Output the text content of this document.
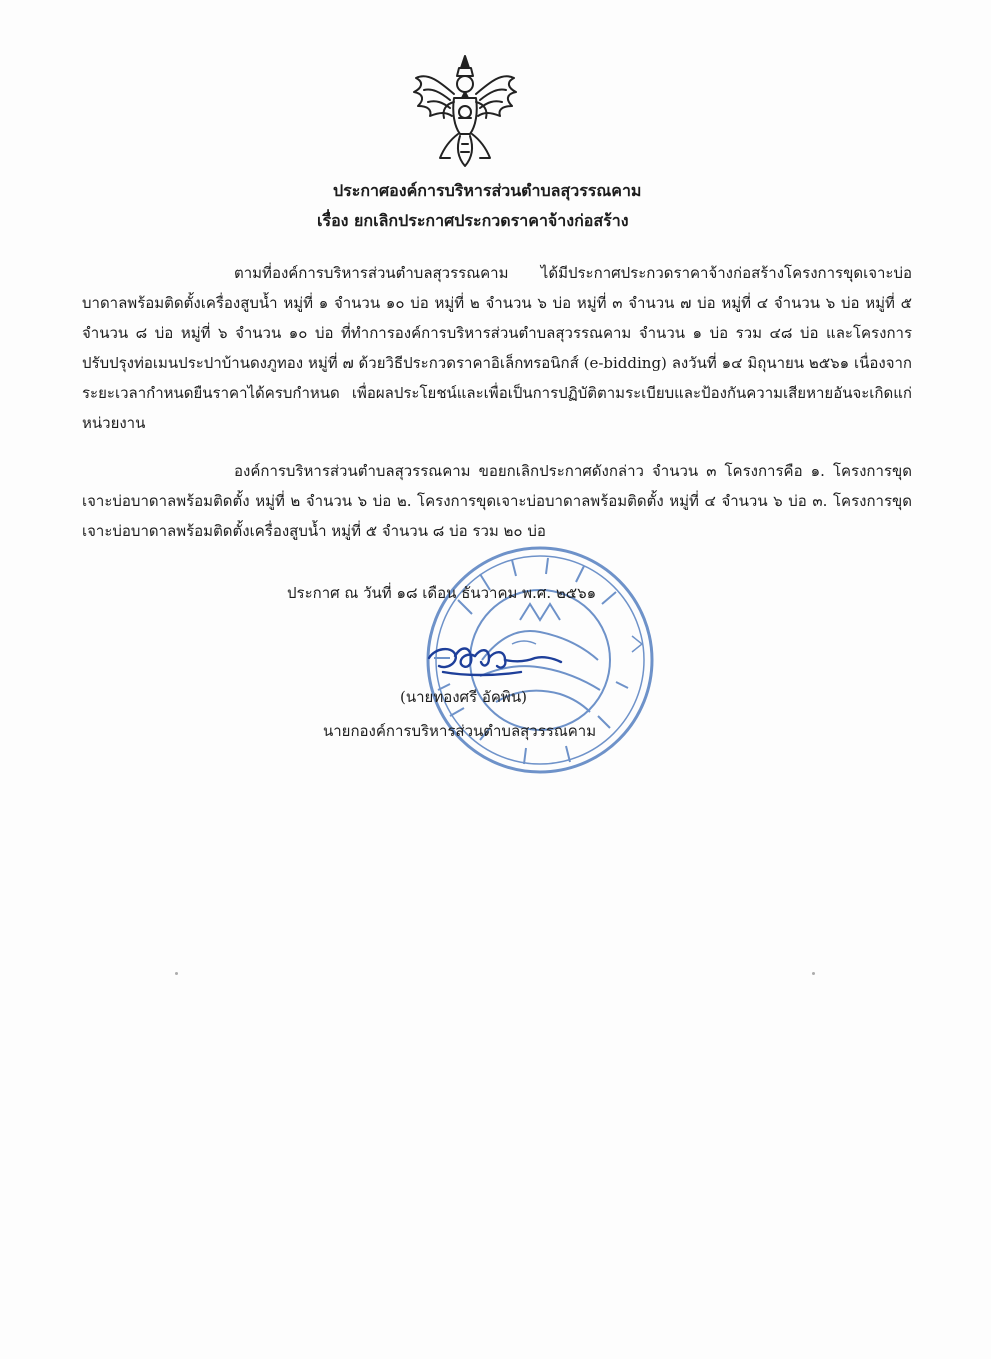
ประกาศองค์การบริหารส่วนตำบลสุวรรณคาม
เรื่อง ยกเลิกประกาศประกวดราคาจ้างก่อสร้าง
ตามที่องค์การบริหารส่วนตำบลสุวรรณคาม ได้มีประกาศประกวดราคาจ้างก่อสร้างโครงการขุดเจาะบ่อบาดาลพร้อมติดตั้งเครื่องสูบน้ำ หมู่ที่ ๑ จำนวน ๑๐ บ่อ หมู่ที่ ๒ จำนวน ๖ บ่อ หมู่ที่ ๓ จำนวน ๗ บ่อ หมู่ที่ ๔ จำนวน ๖ บ่อ หมู่ที่ ๕ จำนวน ๘ บ่อ หมู่ที่ ๖ จำนวน ๑๐ บ่อ ที่ทำการองค์การบริหารส่วนตำบลสุวรรณคาม จำนวน ๑ บ่อ รวม ๔๘ บ่อ และโครงการปรับปรุงท่อเมนประปาบ้านดงภูทอง หมู่ที่ ๗ ด้วยวิธีประกวดราคาอิเล็กทรอนิกส์ (e-bidding) ลงวันที่ ๑๔ มิถุนายน ๒๕๖๑ เนื่องจาก ระยะเวลากำหนดยืนราคาได้ครบกำหนด เพื่อผลประโยชน์และเพื่อเป็นการปฏิบัติตามระเบียบและป้องกันความเสียหายอันจะเกิดแก่หน่วยงาน
องค์การบริหารส่วนตำบลสุวรรณคาม ขอยกเลิกประกาศดังกล่าว จำนวน ๓ โครงการคือ ๑. โครงการขุดเจาะบ่อบาดาลพร้อมติดตั้ง หมู่ที่ ๒ จำนวน ๖ บ่อ ๒. โครงการขุดเจาะบ่อบาดาลพร้อมติดตั้ง หมู่ที่ ๔ จำนวน ๖ บ่อ ๓. โครงการขุดเจาะบ่อบาดาลพร้อมติดตั้งเครื่องสูบน้ำ หมู่ที่ ๕ จำนวน ๘ บ่อ รวม ๒๐ บ่อ
ประกาศ ณ วันที่ ๑๘ เดือน ธันวาคม พ.ศ. ๒๕๖๑
(นายทองศรี อัคพิน)
นายกองค์การบริหารส่วนตำบลสุวรรณคาม
